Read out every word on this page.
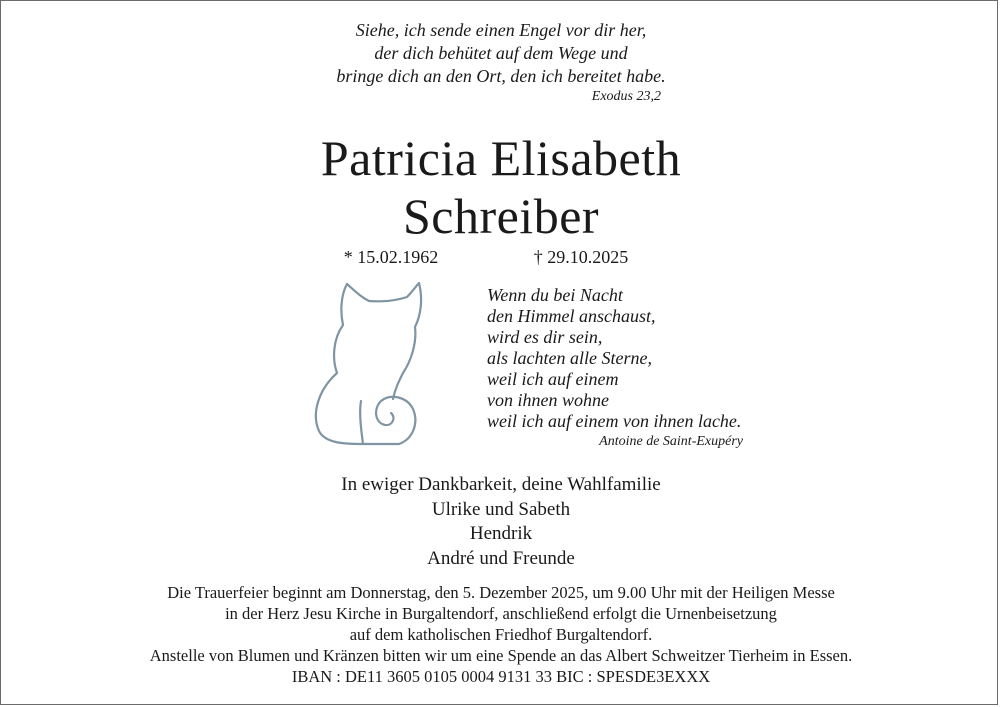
Siehe, ich sende einen Engel vor dir her,
der dich behütet auf dem Wege und
bringe dich an den Ort, den ich bereitet habe.
Exodus 23,2
Patricia Elisabeth
Schreiber
* 15.02.1962	† 29.10.2025
Wenn du bei Nacht
den Himmel anschaust,
wird es dir sein,
als lachten alle Sterne,
weil ich auf einem
von ihnen wohne
weil ich auf einem von ihnen lache.
Antoine de Saint-Exupéry
In ewiger Dankbarkeit, deine Wahlfamilie
Ulrike und Sabeth
Hendrik
André und Freunde
Die Trauerfeier beginnt am Donnerstag, den 5. Dezember 2025, um 9.00 Uhr mit der Heiligen Messe
in der Herz Jesu Kirche in Burgaltendorf, anschließend erfolgt die Urnenbeisetzung
auf dem katholischen Friedhof Burgaltendorf.
Anstelle von Blumen und Kränzen bitten wir um eine Spende an das Albert Schweitzer Tierheim in Essen.
IBAN : DE11 3605 0105 0004 9131 33 BIC : SPESDE3EXXX
